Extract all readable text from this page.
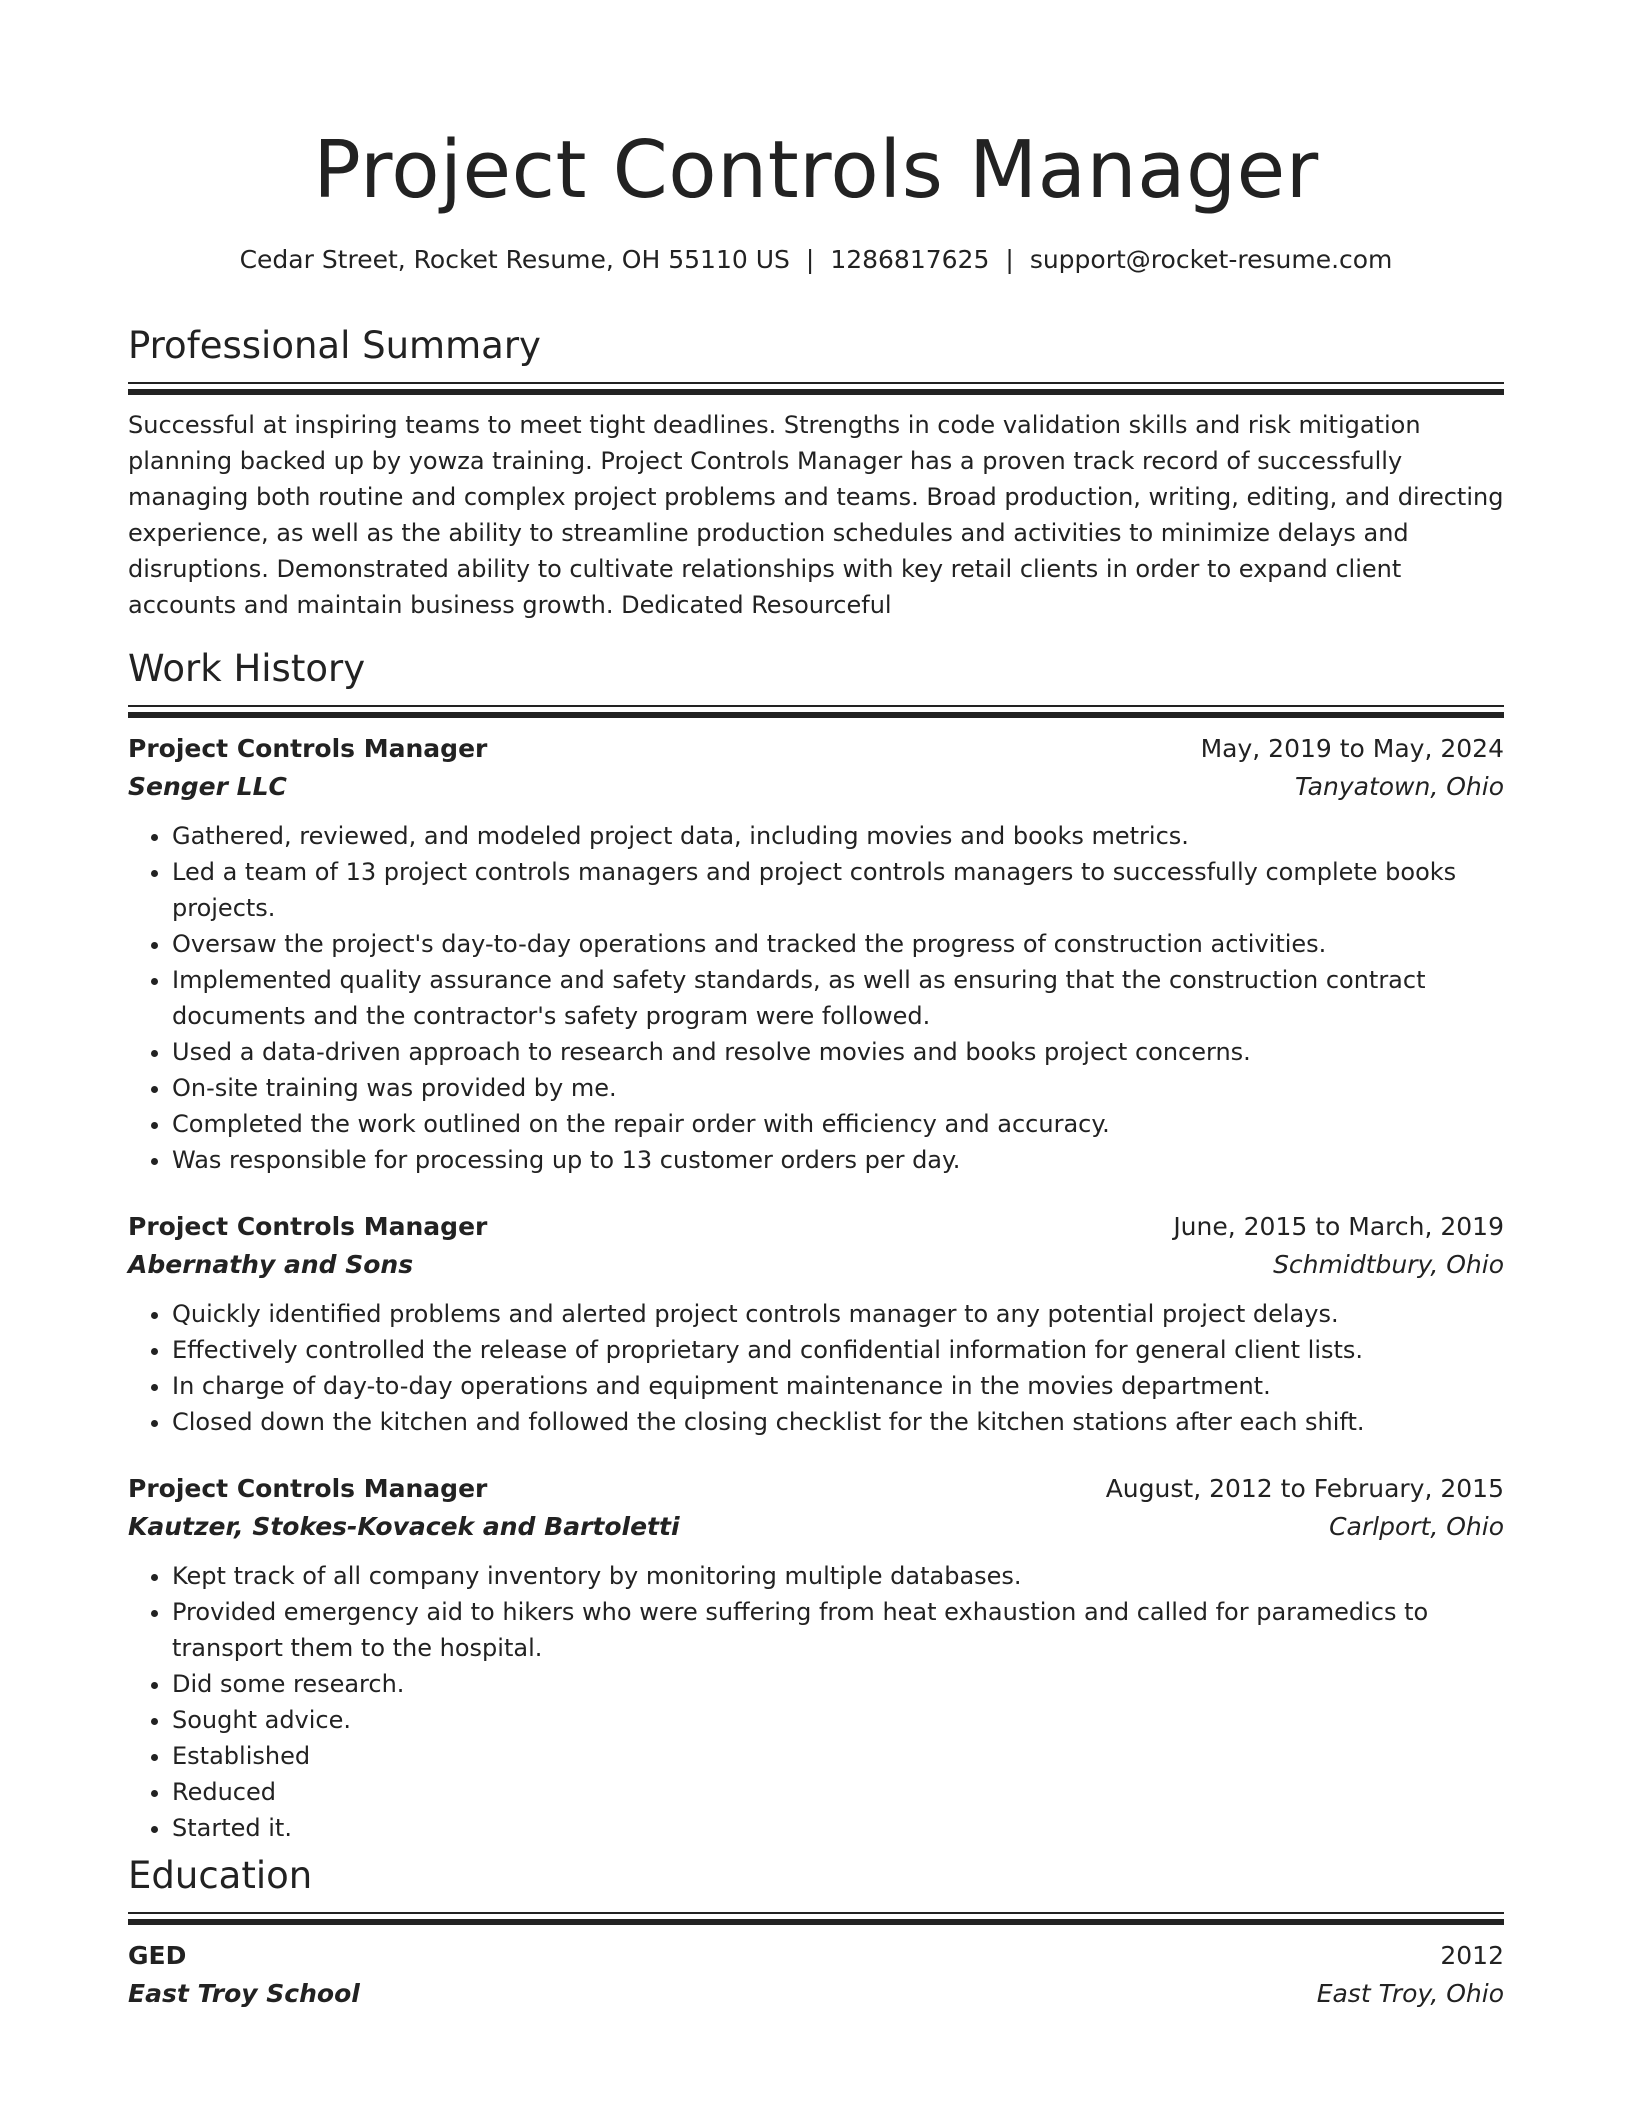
Project Controls Manager
Cedar Street, Rocket Resume, OH 55110 US | 1286817625 | support@rocket-resume.com
Professional Summary
Successful at inspiring teams to meet tight deadlines. Strengths in code validation skills and risk mitigation planning backed up by yowza training. Project Controls Manager has a proven track record of successfully managing both routine and complex project problems and teams. Broad production, writing, editing, and directing experience, as well as the ability to streamline production schedules and activities to minimize delays and disruptions. Demonstrated ability to cultivate relationships with key retail clients in order to expand client accounts and maintain business growth. Dedicated Resourceful
Work History
Project Controls Manager	May, 2019 to May, 2024
Senger LLC	Tanyatown, Ohio
• Gathered, reviewed, and modeled project data, including movies and books metrics.
• Led a team of 13 project controls managers and project controls managers to successfully complete books projects.
• Oversaw the project's day-to-day operations and tracked the progress of construction activities.
• Implemented quality assurance and safety standards, as well as ensuring that the construction contract documents and the contractor's safety program were followed.
• Used a data-driven approach to research and resolve movies and books project concerns.
• On-site training was provided by me.
• Completed the work outlined on the repair order with efficiency and accuracy.
• Was responsible for processing up to 13 customer orders per day.
Project Controls Manager	June, 2015 to March, 2019
Abernathy and Sons	Schmidtbury, Ohio
• Quickly identified problems and alerted project controls manager to any potential project delays.
• Effectively controlled the release of proprietary and confidential information for general client lists.
• In charge of day-to-day operations and equipment maintenance in the movies department.
• Closed down the kitchen and followed the closing checklist for the kitchen stations after each shift.
Project Controls Manager	August, 2012 to February, 2015
Kautzer, Stokes-Kovacek and Bartoletti	Carlport, Ohio
• Kept track of all company inventory by monitoring multiple databases.
• Provided emergency aid to hikers who were suffering from heat exhaustion and called for paramedics to transport them to the hospital.
• Did some research.
• Sought advice.
• Established
• Reduced
• Started it.
Education
GED	2012
East Troy School	East Troy, Ohio
